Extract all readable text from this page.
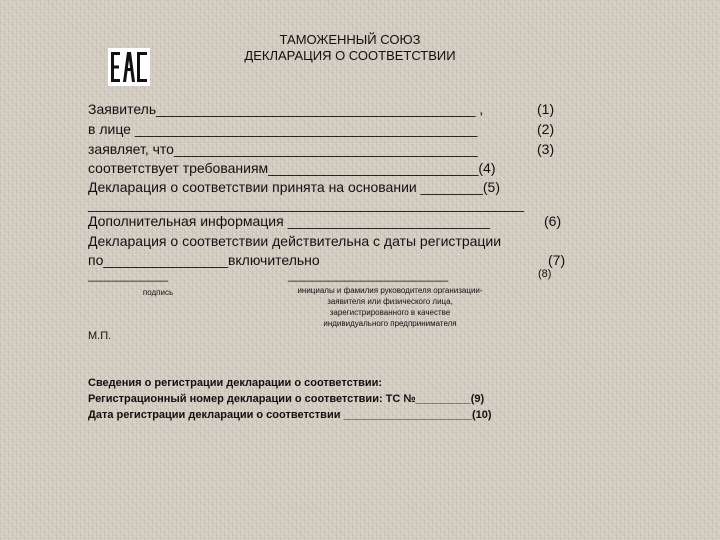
ТАМОЖЕННЫЙ СОЮЗ
ДЕКЛАРАЦИЯ О СООТВЕТСТВИИ
Заявитель_________________________________________ ,	(1)
в лице ____________________________________________	(2)
заявляет, что_______________________________________	(3)
соответствует требованиям___________________________(4)
Декларация о соответствии принята на основании ________(5)
________________________________________________________
Дополнительная информация __________________________	(6)
Декларация о соответствии действительна с даты регистрации
по________________включительно	(7)
____________	________________________	(8)
подпись	инициалы и фамилия руководителя организации-
заявителя или физического лица,
зарегистрированного в качестве
индивидуального предпринимателя
М.П.
Сведения о регистрации декларации о соответствии:
Регистрационный номер декларации о соответствии: ТС №_________(9)
Дата регистрации декларации о соответствии _____________________(10)
